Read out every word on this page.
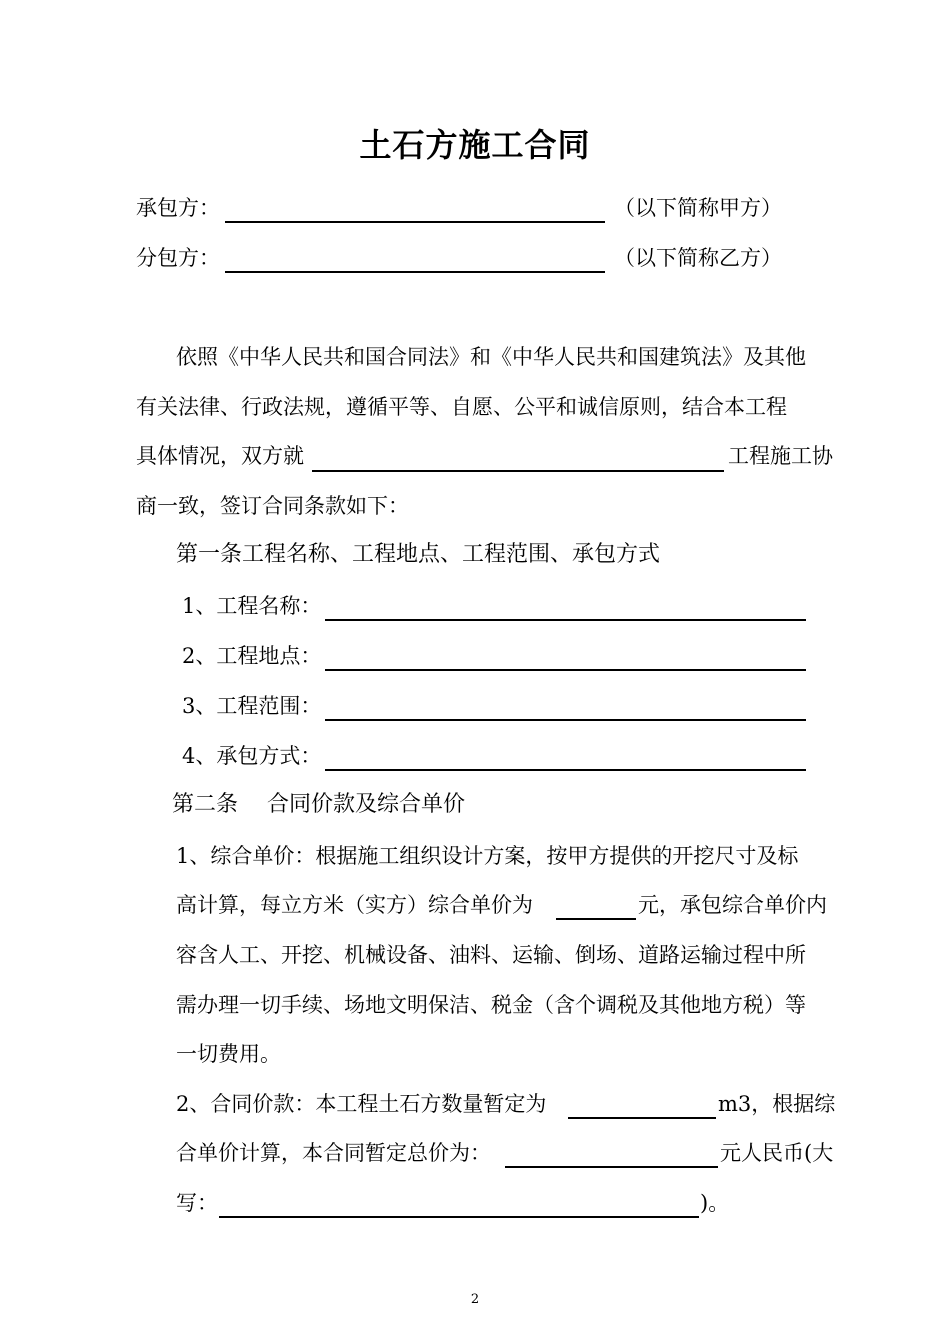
土石方施工合同
承包方：	（以下简称甲方）
分包方：	（以下简称乙方）
依照《中华人民共和国合同法》和《中华人民共和国建筑法》及其他
有关法律、行政法规，遵循平等、自愿、公平和诚信原则，结合本工程
具体情况，双方就	工程施工协
商一致，签订合同条款如下：
第一条工程名称、工程地点、工程范围、承包方式
1、工程名称：
2、工程地点：
3、工程范围：
4、承包方式：
第二条　 合同价款及综合单价
1、综合单价：根据施工组织设计方案，按甲方提供的开挖尺寸及标
高计算，每立方米（实方）综合单价为	元，承包综合单价内
容含人工、开挖、机械设备、油料、运输、倒场、道路运输过程中所
需办理一切手续、场地文明保洁、税金（含个调税及其他地方税）等
一切费用。
2、合同价款：本工程土石方数量暂定为	m3，根据综
合单价计算，本合同暂定总价为：	元人民币(大
写：	)。
2
